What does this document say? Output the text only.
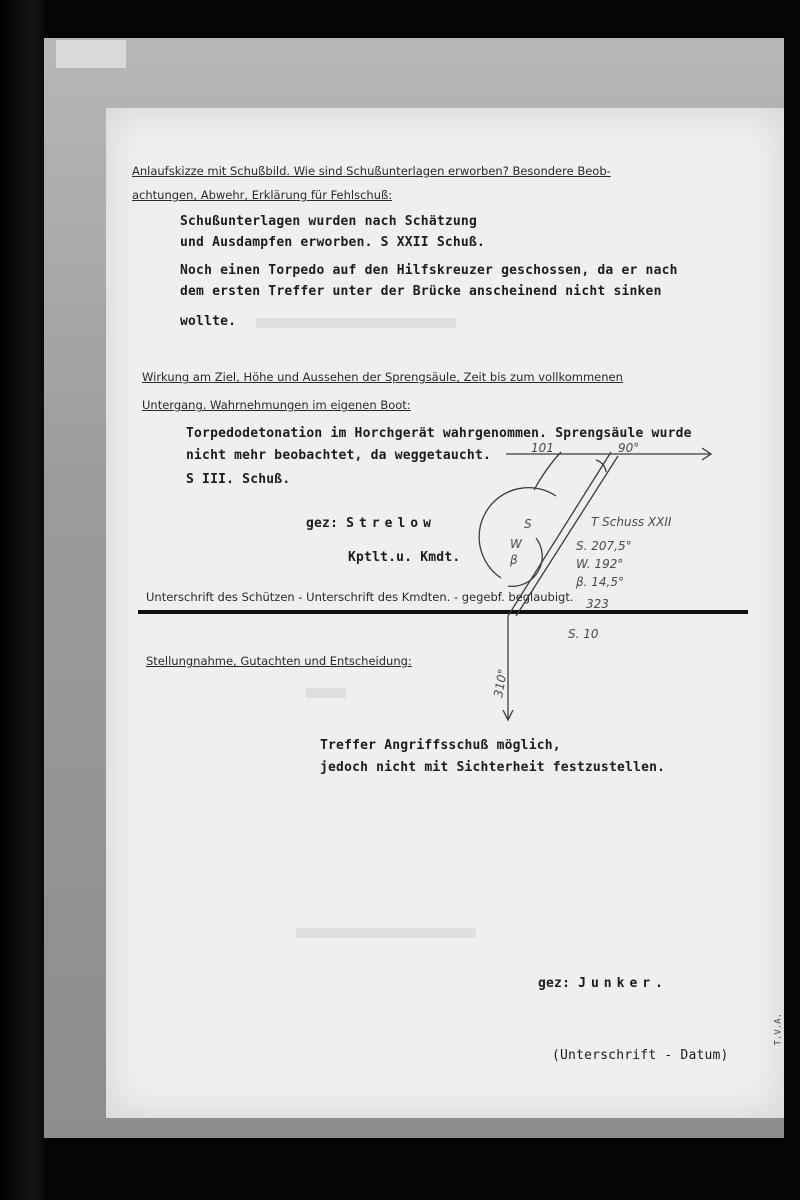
Anlaufskizze mit Schußbild. Wie sind Schußunterlagen erworben? Besondere Beob-
achtungen, Abwehr, Erklärung für Fehlschuß:
Schußunterlagen wurden nach Schätzung
und Ausdampfen erworben. S XXII Schuß.
Noch einen Torpedo auf den Hilfskreuzer geschossen, da er nach
dem ersten Treffer unter der Brücke anscheinend nicht sinken
wollte.
Wirkung am Ziel, Höhe und Aussehen der Sprengsäule, Zeit bis zum vollkommenen
Untergang. Wahrnehmungen im eigenen Boot:
Torpedodetonation im Horchgerät wahrgenommen. Sprengsäule wurde
nicht mehr beobachtet, da weggetaucht.
S III. Schuß.
gez: Strelow
Kptlt.u. Kmdt.
Unterschrift des Schützen - Unterschrift des Kmdten. - gegebf. beglaubigt.
Stellungnahme, Gutachten und Entscheidung:
Treffer Angriffsschuß möglich,
jedoch nicht mit Sichterheit festzustellen.
gez: Junker.
(Unterschrift - Datum)
T.V.A.
101	90°
T Schuss XXII
S. 207,5°
W. 192°
β. 14,5°
323
S. 10
β
S
W
310°
